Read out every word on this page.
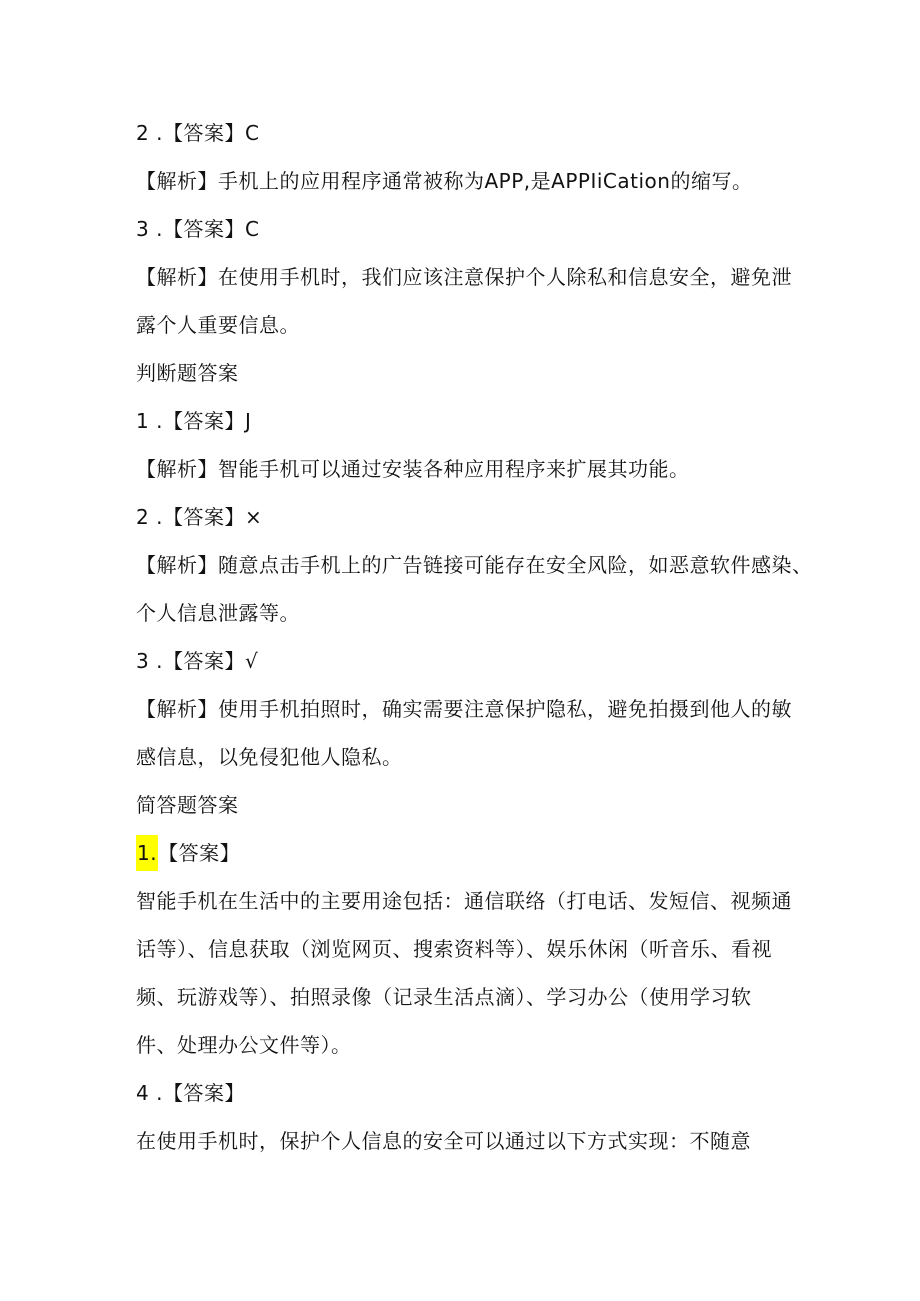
2 .【答案】C
【解析】手机上的应用程序通常被称为APP,是APPIiCation的缩写。
3 .【答案】C
【解析】在使用手机时，我们应该注意保护个人除私和信息安全，避免泄
露个人重要信息。
判断题答案
1 .【答案】J
【解析】智能手机可以通过安装各种应用程序来扩展其功能。
2 .【答案】×
【解析】随意点击手机上的广告链接可能存在安全风险，如恶意软件感染、
个人信息泄露等。
3 .【答案】√
【解析】使用手机拍照时，确实需要注意保护隐私，避免拍摄到他人的敏
感信息，以免侵犯他人隐私。
简答题答案
1.【答案】
智能手机在生活中的主要用途包括：通信联络（打电话、发短信、视频通
话等）、信息获取（浏览网页、搜索资料等）、娱乐休闲（听音乐、看视
频、玩游戏等）、拍照录像（记录生活点滴）、学习办公（使用学习软
件、处理办公文件等）。
4 .【答案】
在使用手机时，保护个人信息的安全可以通过以下方式实现：不随意
